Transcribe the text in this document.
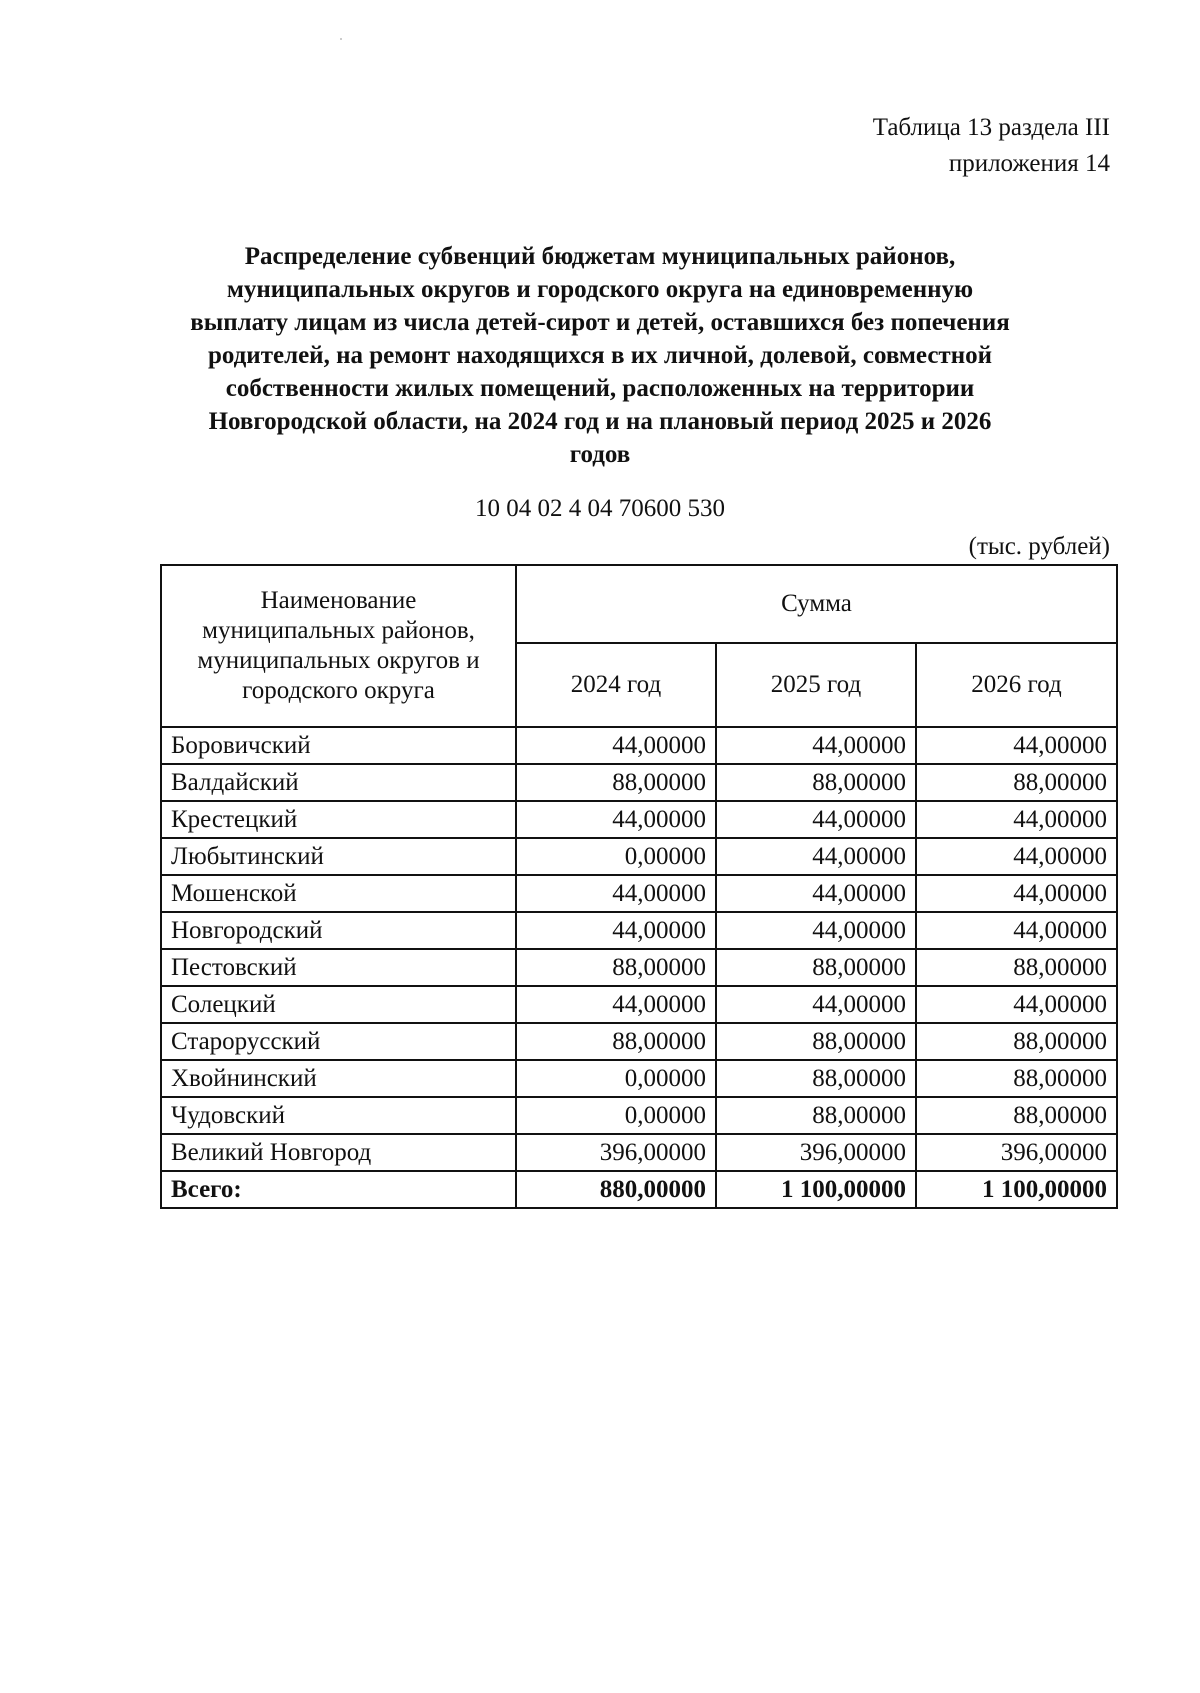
Таблица 13 раздела III
приложения 14
Распределение субвенций бюджетам муниципальных районов,
муниципальных округов и городского округа на единовременную
выплату лицам из числа детей-сирот и детей, оставшихся без попечения
родителей, на ремонт находящихся в их личной, долевой, совместной
собственности жилых помещений, расположенных на территории
Новгородской области, на 2024 год и на плановый период 2025 и 2026
годов
10 04 02 4 04 70600 530
(тыс. рублей)
Наименование муниципальных районов, муниципальных округов и городского округа	Сумма		
	2024 год	2025 год	2026 год
Боровичский	44,00000	44,00000	44,00000
Валдайский	88,00000	88,00000	88,00000
Крестецкий	44,00000	44,00000	44,00000
Любытинский	0,00000	44,00000	44,00000
Мошенской	44,00000	44,00000	44,00000
Новгородский	44,00000	44,00000	44,00000
Пестовский	88,00000	88,00000	88,00000
Солецкий	44,00000	44,00000	44,00000
Старорусский	88,00000	88,00000	88,00000
Хвойнинский	0,00000	88,00000	88,00000
Чудовский	0,00000	88,00000	88,00000
Великий Новгород	396,00000	396,00000	396,00000
Всего:	880,00000	1 100,00000	1 100,00000
